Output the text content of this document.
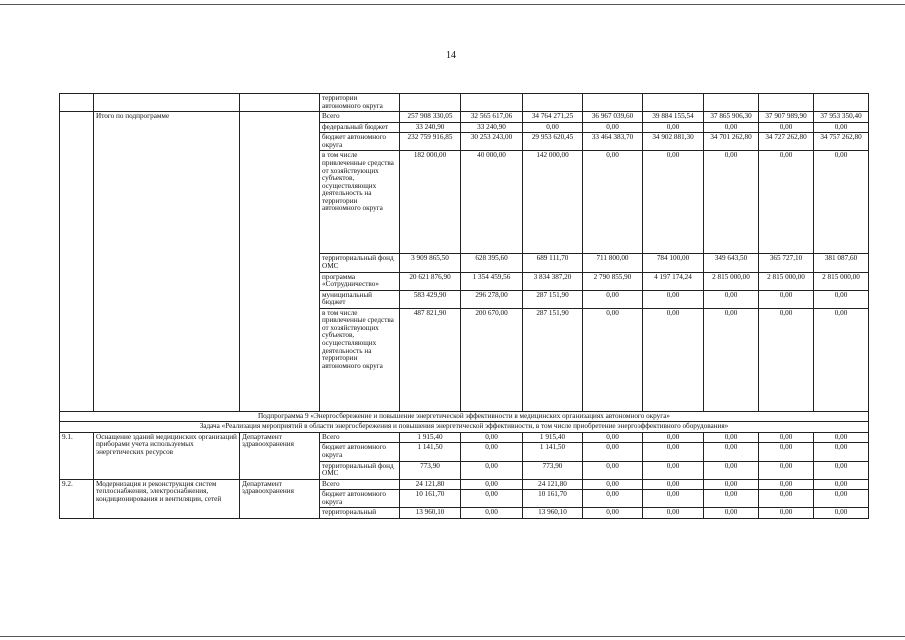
14
			территории автономного округа								
	Итого по подпрограмме		Всего	257 908 330,05	32 565 617,06	34 764 271,25	36 967 039,60	39 884 155,54	37 865 906,30	37 907 989,90	37 953 350,40
			федеральный бюджет	33 240,90	33 240,90	0,00	0,00	0,00	0,00	0,00	0,00
			бюджет автономного округа	232 759 916,85	30 253 243,00	29 953 620,45	33 464 383,70	34 902 881,30	34 701 262,80	34 727 262,80	34 757 262,80
			в том числе привлеченные средства от хозяйствующих субъектов, осуществляющих деятельность на территории автономного округа	182 000,00	40 000,00	142 000,00	0,00	0,00	0,00	0,00	0,00
			территориальный фонд ОМС	3 909 865,50	628 395,60	689 111,70	711 800,00	784 100,00	349 643,50	365 727,10	381 087,60
			программа «Сотрудничество»	20 621 876,90	1 354 459,56	3 834 387,20	2 790 855,90	4 197 174,24	2 815 000,00	2 815 000,00	2 815 000,00
			муниципальный бюджет	583 429,90	296 278,00	287 151,90	0,00	0,00	0,00	0,00	0,00
			в том числе привлеченные средства от хозяйствующих субъектов, осуществляющих деятельность на территории автономного округа	487 821,90	200 670,00	287 151,90	0,00	0,00	0,00	0,00	0,00
Подпрограмма 9 «Энергосбережение и повышение энергетической эффективности в медицинских организациях автономного округа»											
Задача «Реализация мероприятий в области энергосбережения и повышения энергетической эффективности, в том числе приобретение энергоэффективного оборудования»											
9.1.	Оснащение зданий медицинских организаций приборами учета используемых энергетических ресурсов	Департамент здравоохранения	Всего	1 915,40	0,00	1 915,40	0,00	0,00	0,00	0,00	0,00
			бюджет автономного округа	1 141,50	0,00	1 141,50	0,00	0,00	0,00	0,00	0,00
			территориальный фонд ОМС	773,90	0,00	773,90	0,00	0,00	0,00	0,00	0,00
9.2.	Модернизация и реконструкция систем теплоснабжения, электроснабжения, кондиционирования и вентиляции, сетей	Департамент здравоохранения	Всего	24 121,80	0,00	24 121,80	0,00	0,00	0,00	0,00	0,00
			бюджет автономного округа	10 161,70	0,00	10 161,70	0,00	0,00	0,00	0,00	0,00
			территориальный	13 960,10	0,00	13 960,10	0,00	0,00	0,00	0,00	0,00
